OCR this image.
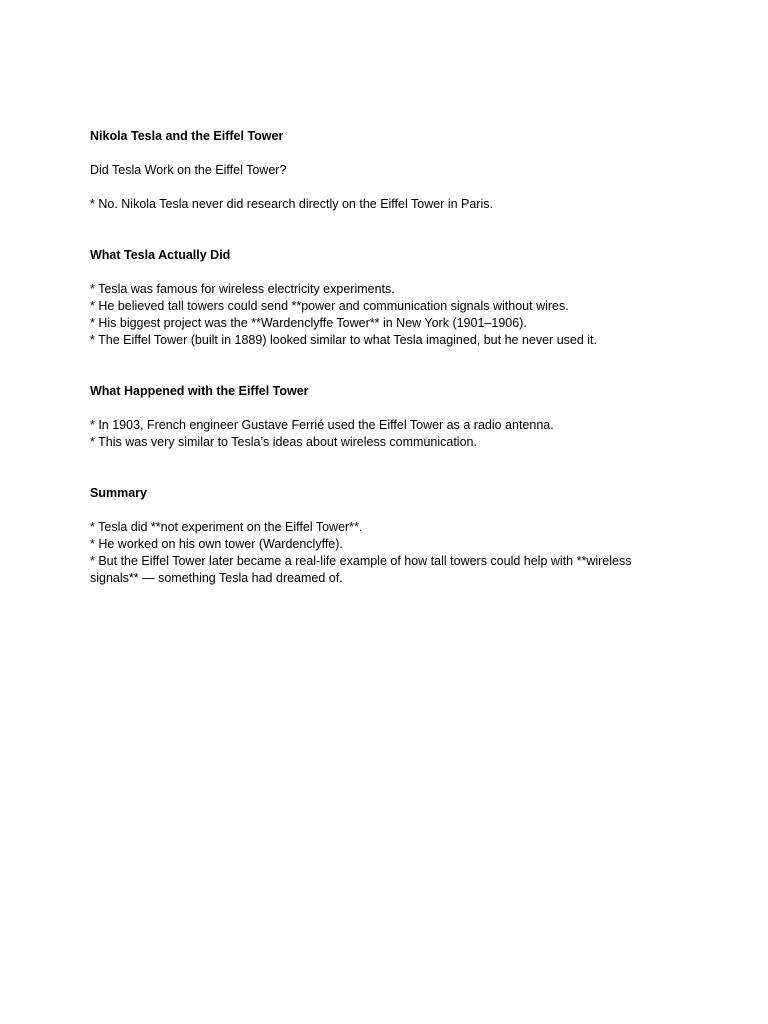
Nikola Tesla and the Eiffel Tower

Did Tesla Work on the Eiffel Tower?

* No. Nikola Tesla never did research directly on the Eiffel Tower in Paris.

What Tesla Actually Did

* Tesla was famous for wireless electricity experiments.

* He believed tall towers could send **power and communication signals without wires.

* His biggest project was the **Wardenclyffe Tower** in New York (1901–1906).

* The Eiffel Tower (built in 1889) looked similar to what Tesla imagined, but he never used it.

What Happened with the Eiffel Tower

* In 1903, French engineer Gustave Ferrié used the Eiffel Tower as a radio antenna.

* This was very similar to Tesla’s ideas about wireless communication.

Summary

* Tesla did **not experiment on the Eiffel Tower**.

* He worked on his own tower (Wardenclyffe).

* But the Eiffel Tower later became a real-life example of how tall towers could help with **wireless signals** — something Tesla had dreamed of.
